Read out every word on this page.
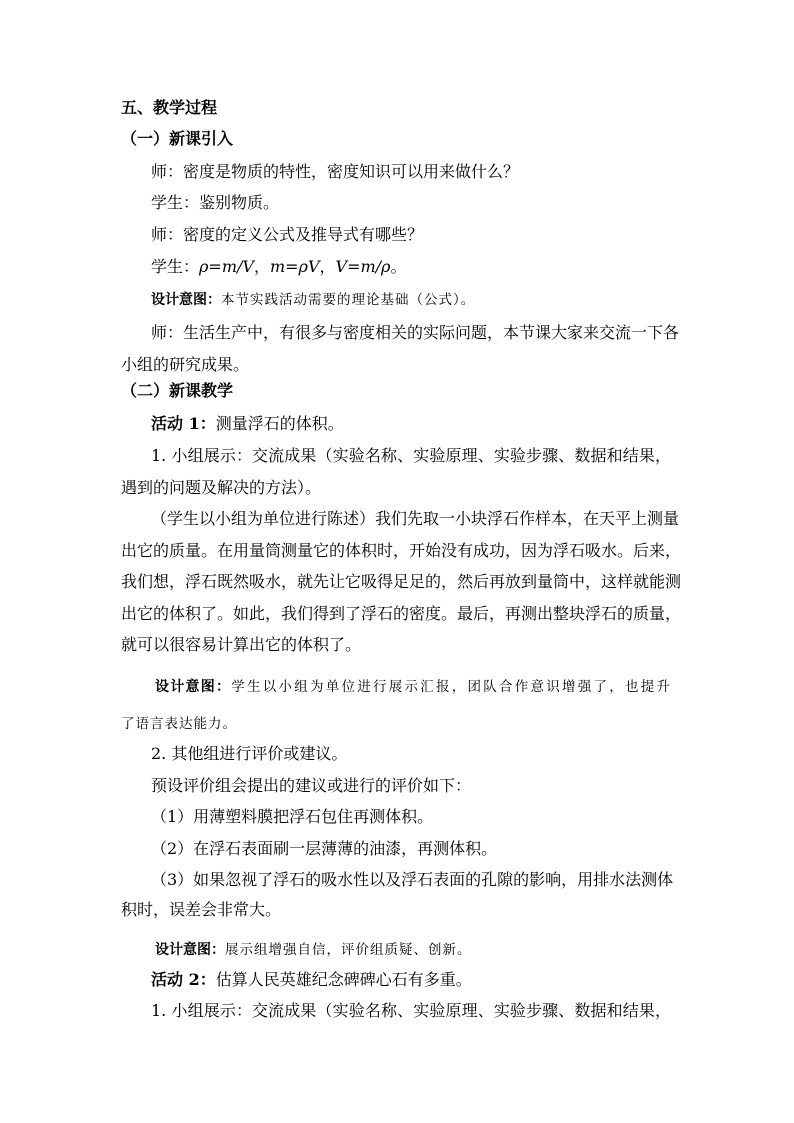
五、教学过程
（一）新课引入
师：密度是物质的特性，密度知识可以用来做什么？
学生：鉴别物质。
师：密度的定义公式及推导式有哪些？
学生：ρ=m/V，m=ρV，V=m/ρ。
设计意图：本节实践活动需要的理论基础（公式）。
师：生活生产中，有很多与密度相关的实际问题，本节课大家来交流一下各
小组的研究成果。
（二）新课教学
活动 1：测量浮石的体积。
1. 小组展示：交流成果（实验名称、实验原理、实验步骤、数据和结果，
遇到的问题及解决的方法）。
（学生以小组为单位进行陈述）我们先取一小块浮石作样本，在天平上测量
出它的质量。在用量筒测量它的体积时，开始没有成功，因为浮石吸水。后来，
我们想，浮石既然吸水，就先让它吸得足足的，然后再放到量筒中，这样就能测
出它的体积了。如此，我们得到了浮石的密度。最后，再测出整块浮石的质量，
就可以很容易计算出它的体积了。
设计意图：学生以小组为单位进行展示汇报，团队合作意识增强了，也提升
了语言表达能力。
2. 其他组进行评价或建议。
预设评价组会提出的建议或进行的评价如下：
（1）用薄塑料膜把浮石包住再测体积。
（2）在浮石表面刷一层薄薄的油漆，再测体积。
（3）如果忽视了浮石的吸水性以及浮石表面的孔隙的影响，用排水法测体
积时，误差会非常大。
设计意图：展示组增强自信，评价组质疑、创新。
活动 2：估算人民英雄纪念碑碑心石有多重。
1. 小组展示：交流成果（实验名称、实验原理、实验步骤、数据和结果，
